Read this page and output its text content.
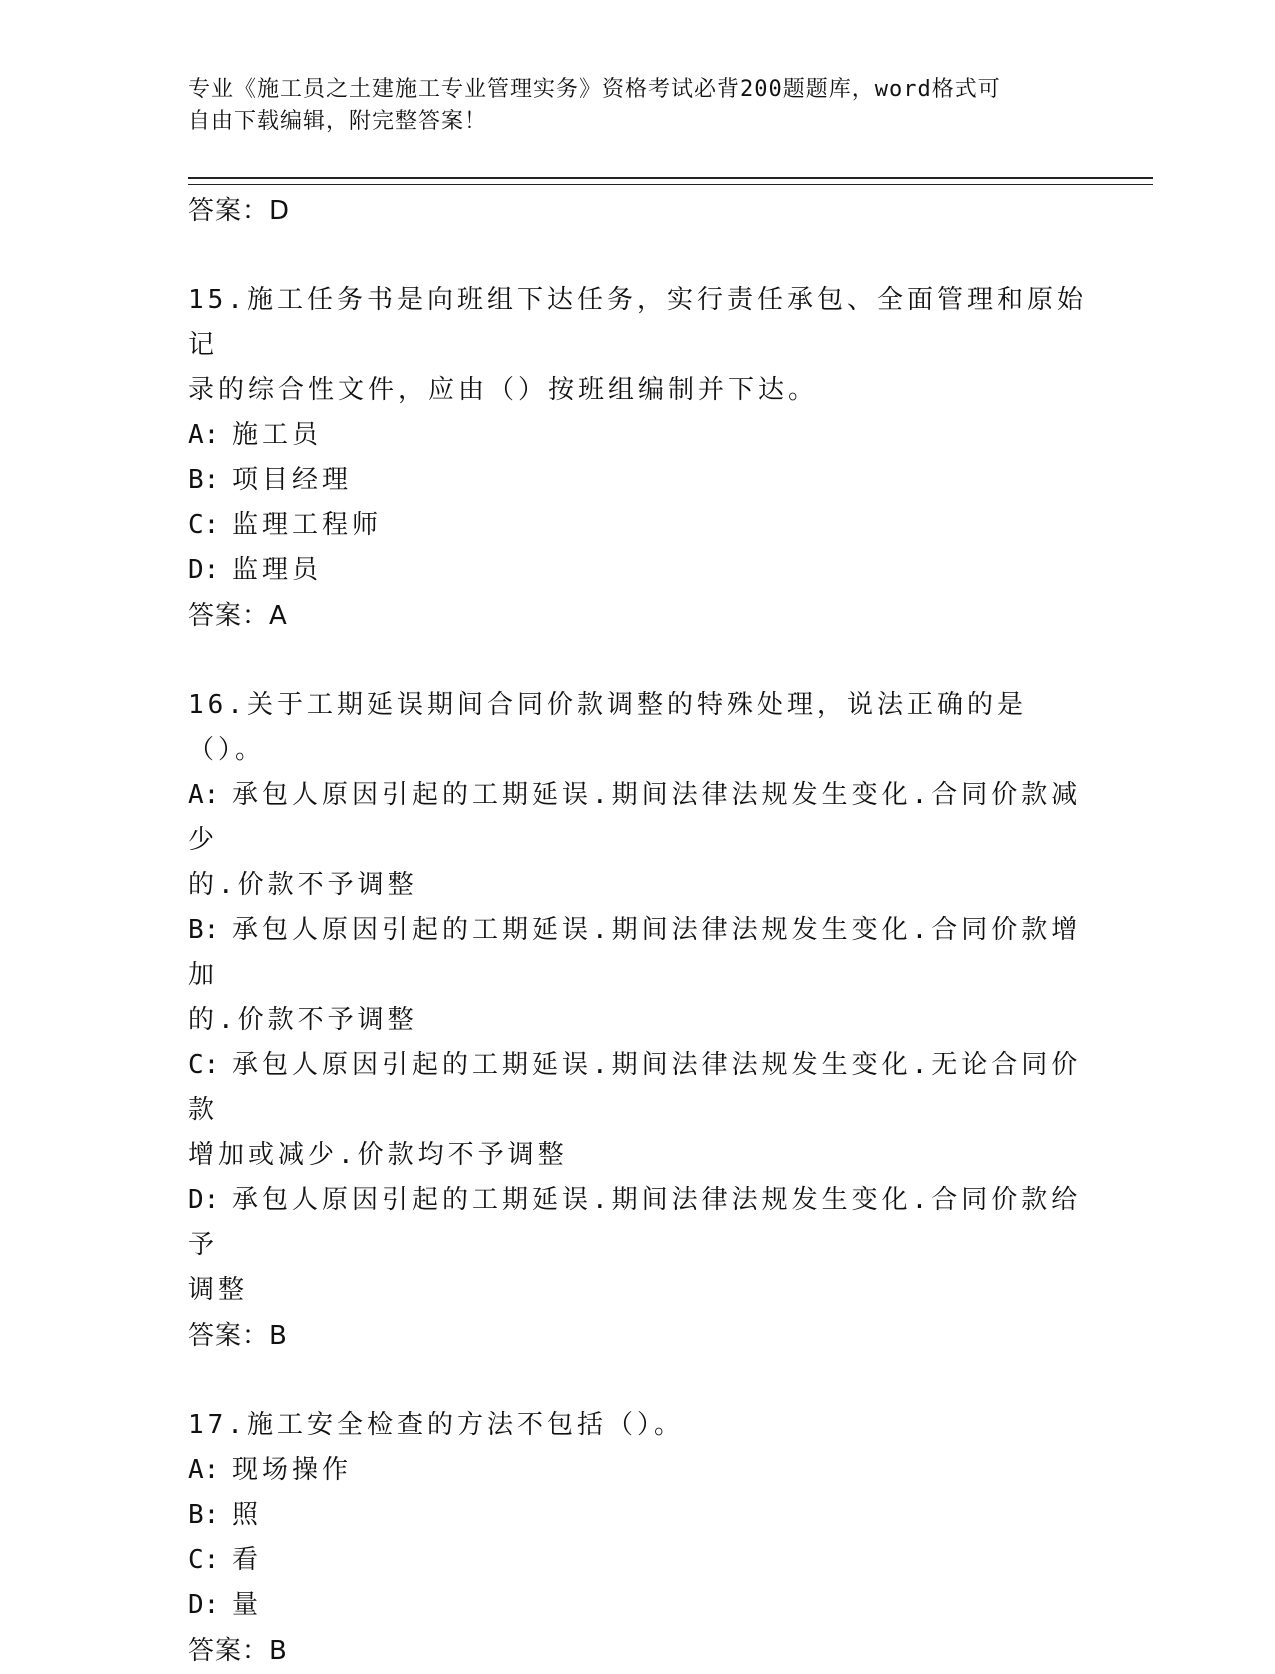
专业《施工员之土建施工专业管理实务》资格考试必背200题题库，word格式可
自由下载编辑，附完整答案！
答案：D
15.施工任务书是向班组下达任务，实行责任承包、全面管理和原始记
录的综合性文件，应由（）按班组编制并下达。
A: 施工员
B: 项目经理
C: 监理工程师
D: 监理员
答案：A
16.关于工期延误期间合同价款调整的特殊处理，说法正确的是（）。
A: 承包人原因引起的工期延误.期间法律法规发生变化.合同价款减少
的.价款不予调整
B: 承包人原因引起的工期延误.期间法律法规发生变化.合同价款增加
的.价款不予调整
C: 承包人原因引起的工期延误.期间法律法规发生变化.无论合同价款
增加或减少.价款均不予调整
D: 承包人原因引起的工期延误.期间法律法规发生变化.合同价款给予
调整
答案：B
17.施工安全检查的方法不包括（）。
A: 现场操作
B: 照
C: 看
D: 量
答案：B
